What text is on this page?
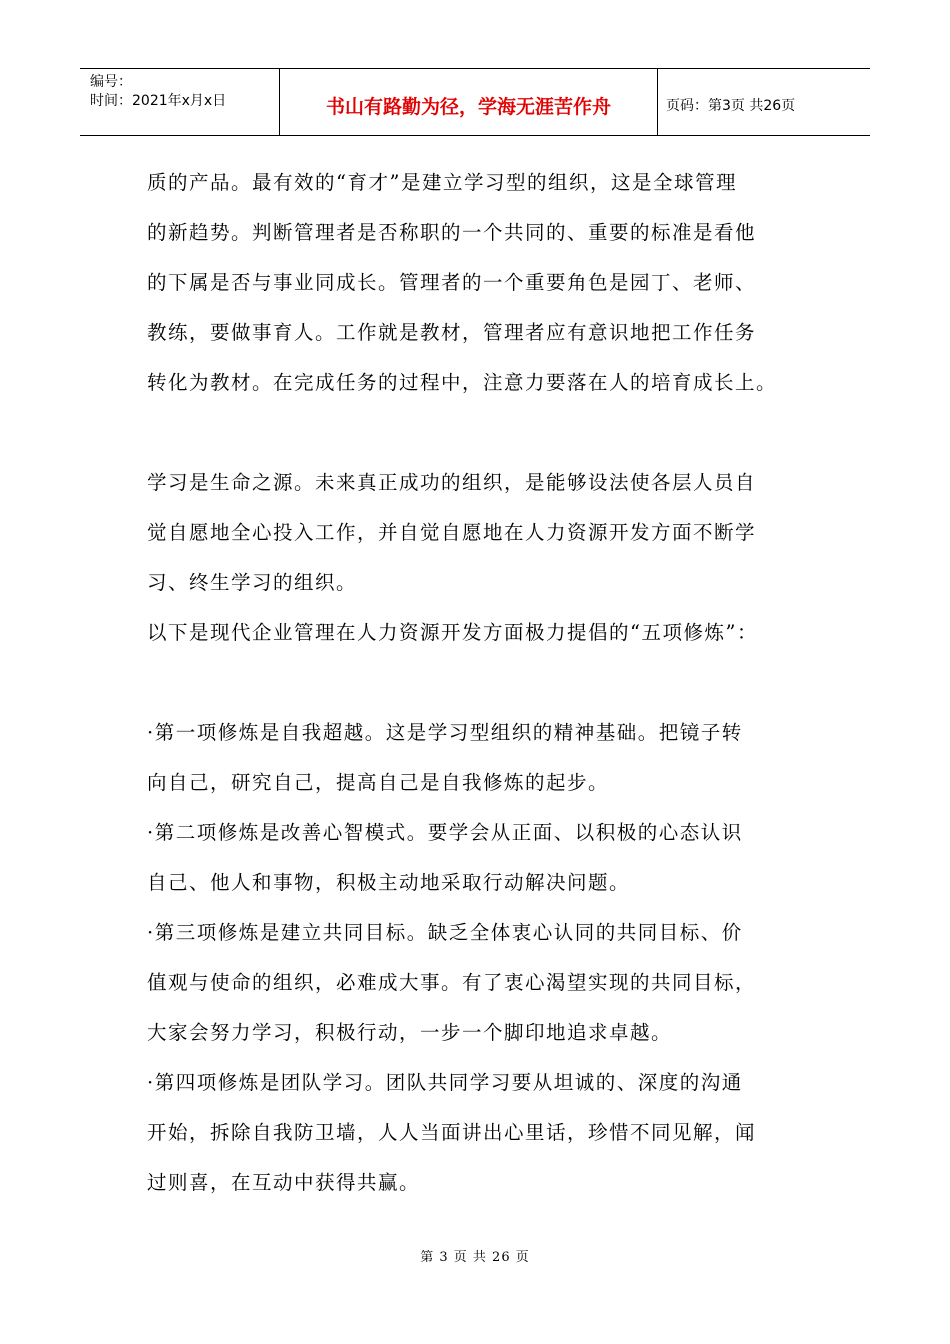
编号：
时间：2021年x月x日	书山有路勤为径，学海无涯苦作舟	页码：第3页 共26页
质的产品。最有效的“育才”是建立学习型的组织，这是全球管理
的新趋势。判断管理者是否称职的一个共同的、重要的标准是看他
的下属是否与事业同成长。管理者的一个重要角色是园丁、老师、
教练，要做事育人。工作就是教材，管理者应有意识地把工作任务
转化为教材。在完成任务的过程中，注意力要落在人的培育成长上。
学习是生命之源。未来真正成功的组织，是能够设法使各层人员自
觉自愿地全心投入工作，并自觉自愿地在人力资源开发方面不断学
习、终生学习的组织。
以下是现代企业管理在人力资源开发方面极力提倡的“五项修炼”：
·第一项修炼是自我超越。这是学习型组织的精神基础。把镜子转
向自己，研究自己，提高自己是自我修炼的起步。
·第二项修炼是改善心智模式。要学会从正面、以积极的心态认识
自己、他人和事物，积极主动地采取行动解决问题。
·第三项修炼是建立共同目标。缺乏全体衷心认同的共同目标、价
值观与使命的组织，必难成大事。有了衷心渴望实现的共同目标，
大家会努力学习，积极行动，一步一个脚印地追求卓越。
·第四项修炼是团队学习。团队共同学习要从坦诚的、深度的沟通
开始，拆除自我防卫墙，人人当面讲出心里话，珍惜不同见解，闻
过则喜，在互动中获得共赢。
第 3 页 共 26 页
